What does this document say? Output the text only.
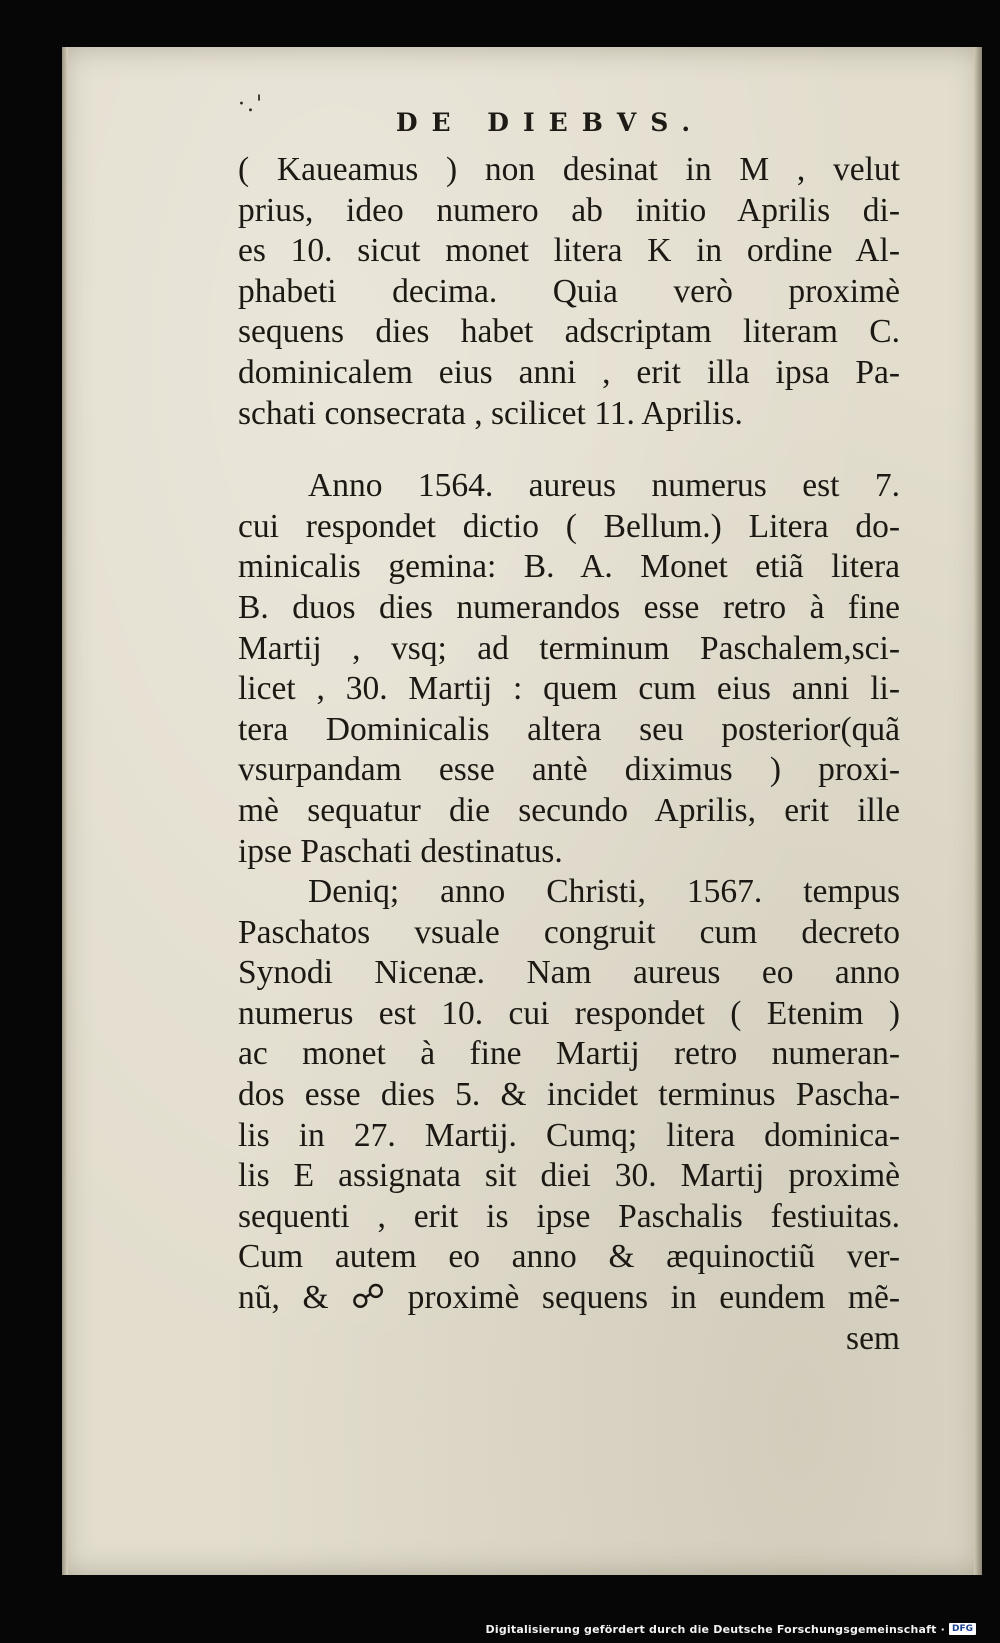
·.'
DE DIEBVS.
( Kaueamus ) non desinat in M , velut
prius, ideo numero ab initio Aprilis di-
es 10. sicut monet litera K in ordine Al-
phabeti decima. Quia verò proximè
sequens dies habet adscriptam literam C.
dominicalem eius anni , erit illa ipsa Pa-
schati consecrata , scilicet 11. Aprilis.
Anno 1564. aureus numerus est 7.
cui respondet dictio ( Bellum.) Litera do-
minicalis gemina: B. A. Monet etiã litera
B. duos dies numerandos esse retro à fine
Martij , vsq; ad terminum Paschalem,sci-
licet , 30. Martij : quem cum eius anni li-
tera Dominicalis altera seu posterior(quã
vsurpandam esse antè diximus ) proxi-
mè sequatur die secundo Aprilis, erit ille
ipse Paschati destinatus.
Deniq; anno Christi, 1567. tempus
Paschatos vsuale congruit cum decreto
Synodi Nicenæ. Nam aureus eo anno
numerus est 10. cui respondet ( Etenim )
ac monet à fine Martij retro numeran-
dos esse dies 5. & incidet terminus Pascha-
lis in 27. Martij. Cumq; litera dominica-
lis E assignata sit diei 30. Martij proximè
sequenti , erit is ipse Paschalis festiuitas.
Cum autem eo anno & æquinoctiũ ver-
nũ, & ☍ proximè sequens in eundem mẽ-
sem
Digitalisierung gefördert durch die Deutsche Forschungsgemeinschaft · DFG
